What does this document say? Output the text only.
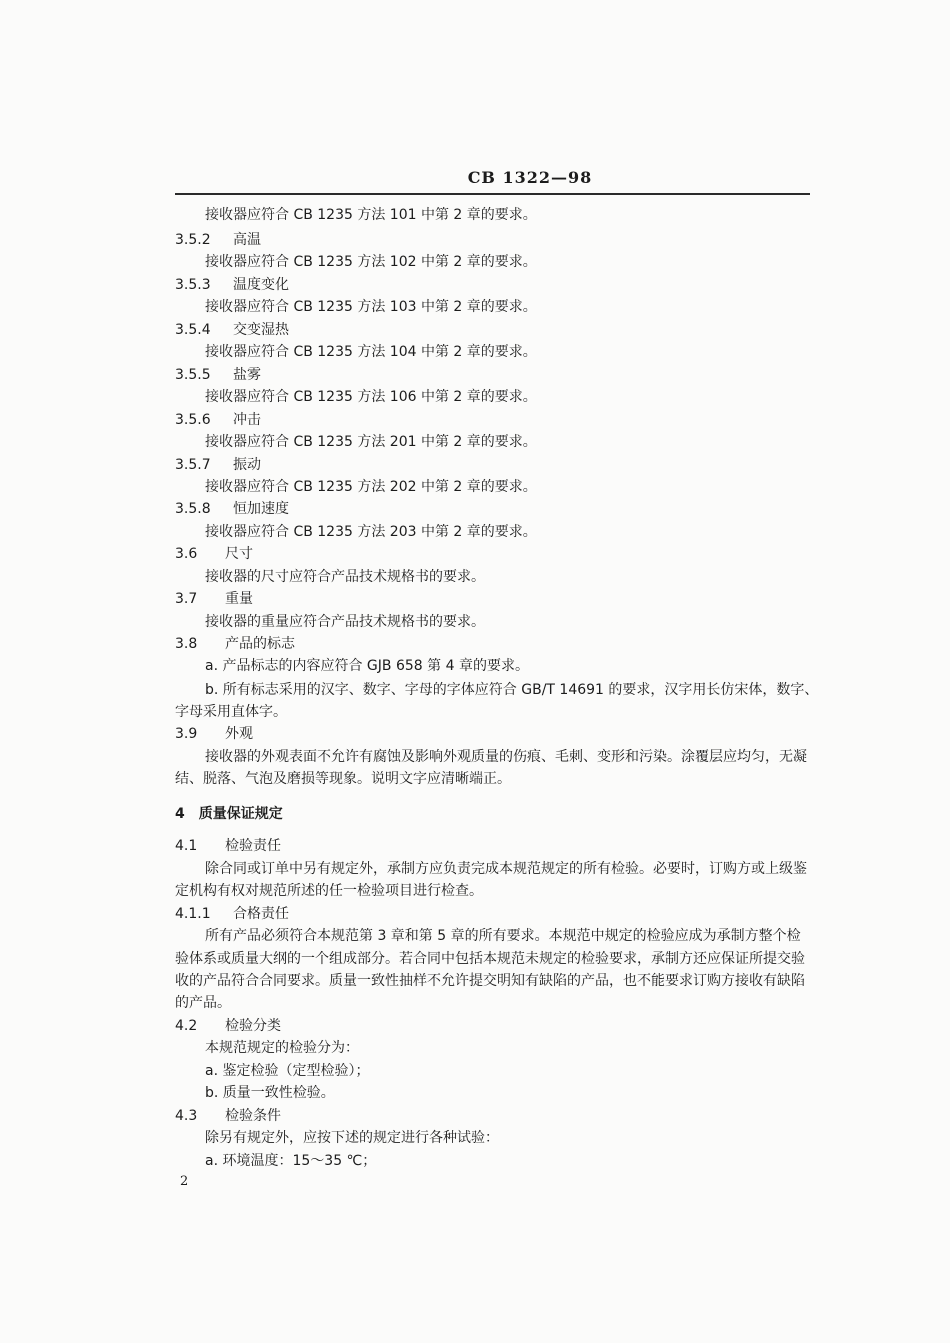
CB 1322—98
接收器应符合 CB 1235 方法 101 中第 2 章的要求。
3.5.2 高温
接收器应符合 CB 1235 方法 102 中第 2 章的要求。
3.5.3 温度变化
接收器应符合 CB 1235 方法 103 中第 2 章的要求。
3.5.4 交变湿热
接收器应符合 CB 1235 方法 104 中第 2 章的要求。
3.5.5 盐雾
接收器应符合 CB 1235 方法 106 中第 2 章的要求。
3.5.6 冲击
接收器应符合 CB 1235 方法 201 中第 2 章的要求。
3.5.7 振动
接收器应符合 CB 1235 方法 202 中第 2 章的要求。
3.5.8 恒加速度
接收器应符合 CB 1235 方法 203 中第 2 章的要求。
3.6 尺寸
接收器的尺寸应符合产品技术规格书的要求。
3.7 重量
接收器的重量应符合产品技术规格书的要求。
3.8 产品的标志
a. 产品标志的内容应符合 GJB 658 第 4 章的要求。
b. 所有标志采用的汉字、数字、字母的字体应符合 GB/T 14691 的要求，汉字用长仿宋体，数字、
字母采用直体字。
3.9 外观
接收器的外观表面不允许有腐蚀及影响外观质量的伤痕、毛刺、变形和污染。涂覆层应均匀，无凝
结、脱落、气泡及磨损等现象。说明文字应清晰端正。
4 质量保证规定
4.1 检验责任
除合同或订单中另有规定外，承制方应负责完成本规范规定的所有检验。必要时，订购方或上级鉴
定机构有权对规范所述的任一检验项目进行检查。
4.1.1 合格责任
所有产品必须符合本规范第 3 章和第 5 章的所有要求。本规范中规定的检验应成为承制方整个检
验体系或质量大纲的一个组成部分。若合同中包括本规范未规定的检验要求，承制方还应保证所提交验
收的产品符合合同要求。质量一致性抽样不允许提交明知有缺陷的产品，也不能要求订购方接收有缺陷
的产品。
4.2 检验分类
本规范规定的检验分为：
a. 鉴定检验（定型检验）；
b. 质量一致性检验。
4.3 检验条件
除另有规定外，应按下述的规定进行各种试验：
a. 环境温度：15～35 ℃；
2
